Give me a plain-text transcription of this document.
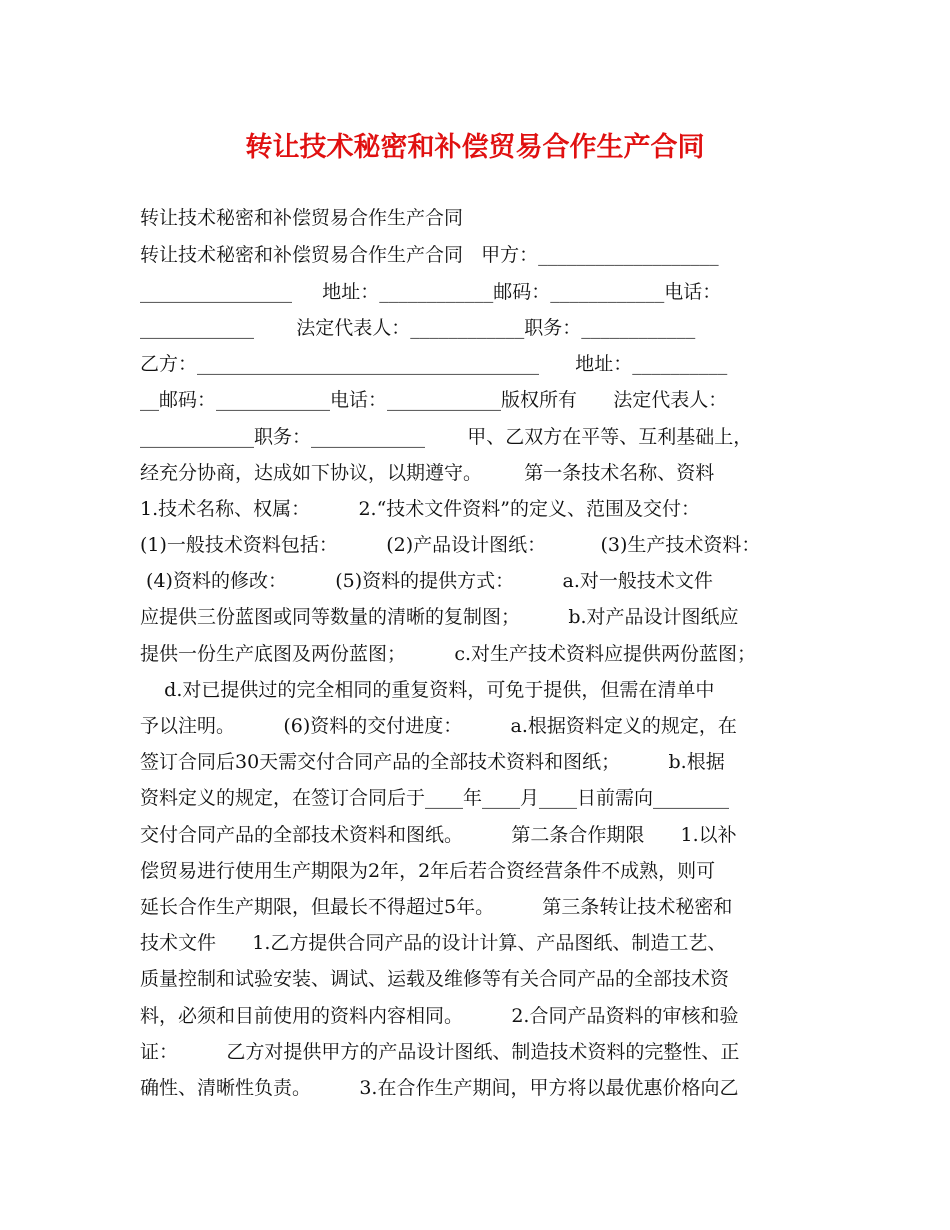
转让技术秘密和补偿贸易合作生产合同

转让技术秘密和补偿贸易合作生产合同

转让技术秘密和补偿贸易合作生产合同   甲方：___________________

________________     地址：____________邮码：____________电话：

____________       法定代表人：____________职务：____________

乙方：____________________________________      地址：__________

__邮码：____________电话：____________版权所有      法定代表人：

____________职务：____________       甲、乙双方在平等、互利基础上，

经充分协商，达成如下协议，以期遵守。       第一条技术名称、资料

1.技术名称、权属：        2.“技术文件资料”的定义、范围及交付：

(1)一般技术资料包括：        (2)产品设计图纸：         (3)生产技术资料：

(4)资料的修改：        (5)资料的提供方式：        a.对一般技术文件

应提供三份蓝图或同等数量的清晰的复制图；        b.对产品设计图纸应

提供一份生产底图及两份蓝图；        c.对生产技术资料应提供两份蓝图；

d.对已提供过的完全相同的重复资料，可免于提供，但需在清单中

予以注明。        (6)资料的交付进度：        a.根据资料定义的规定，在

签订合同后30天需交付合同产品的全部技术资料和图纸；        b.根据

资料定义的规定，在签订合同后于____年____月____日前需向________

交付合同产品的全部技术资料和图纸。        第二条合作期限      1.以补

偿贸易进行使用生产期限为2年，2年后若合资经营条件不成熟，则可

延长合作生产期限，但最长不得超过5年。        第三条转让技术秘密和

技术文件      1.乙方提供合同产品的设计计算、产品图纸、制造工艺、

质量控制和试验安装、调试、运载及维修等有关合同产品的全部技术资

料，必须和目前使用的资料内容相同。        2.合同产品资料的审核和验

证：        乙方对提供甲方的产品设计图纸、制造技术资料的完整性、正

确性、清晰性负责。        3.在合作生产期间，甲方将以最优惠价格向乙
